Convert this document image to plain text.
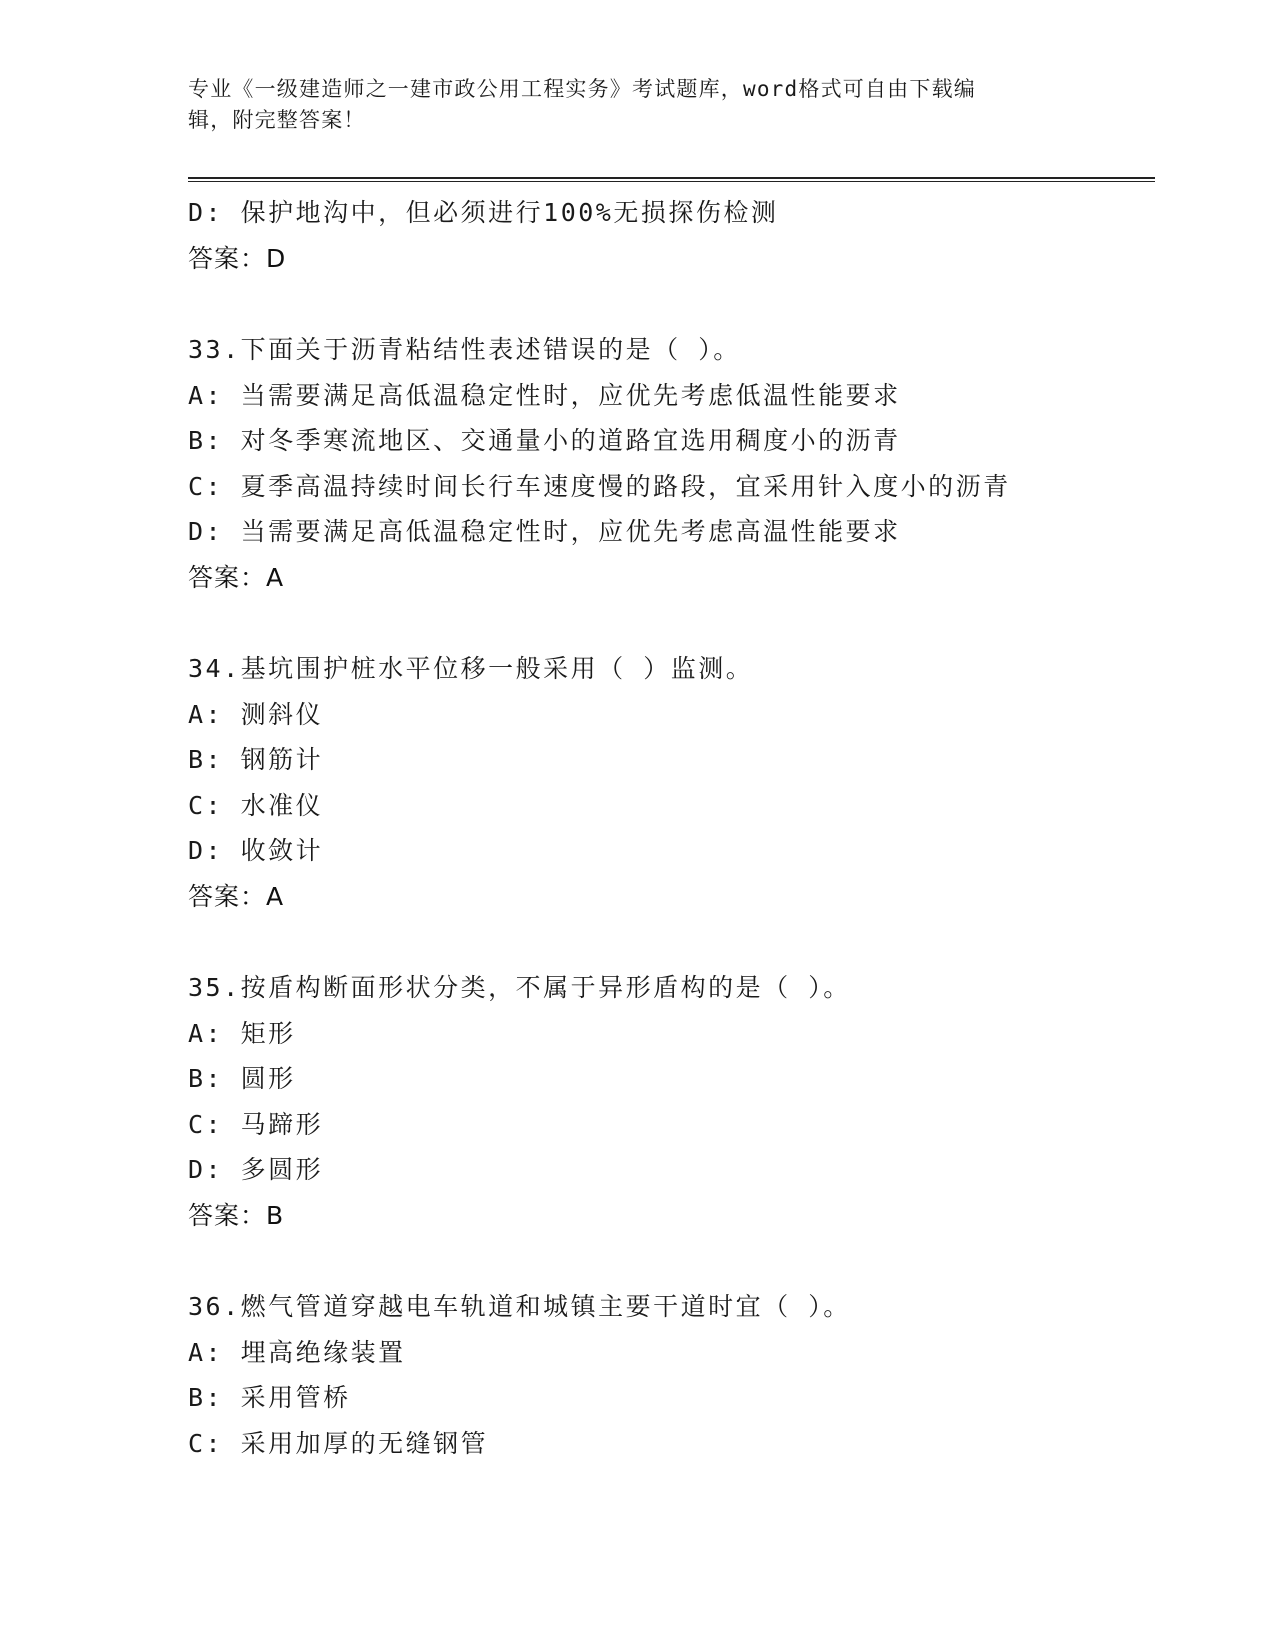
专业《一级建造师之一建市政公用工程实务》考试题库，word格式可自由下载编
辑，附完整答案！
D: 保护地沟中，但必须进行100%无损探伤检测
答案：D
33.下面关于沥青粘结性表述错误的是（ ）。
A: 当需要满足高低温稳定性时，应优先考虑低温性能要求
B: 对冬季寒流地区、交通量小的道路宜选用稠度小的沥青
C: 夏季高温持续时间长行车速度慢的路段，宜采用针入度小的沥青
D: 当需要满足高低温稳定性时，应优先考虑高温性能要求
答案：A
34.基坑围护桩水平位移一般采用（ ）监测。
A: 测斜仪
B: 钢筋计
C: 水准仪
D: 收敛计
答案：A
35.按盾构断面形状分类，不属于异形盾构的是（ ）。
A: 矩形
B: 圆形
C: 马蹄形
D: 多圆形
答案：B
36.燃气管道穿越电车轨道和城镇主要干道时宜（ ）。
A: 埋高绝缘装置
B: 采用管桥
C: 采用加厚的无缝钢管
